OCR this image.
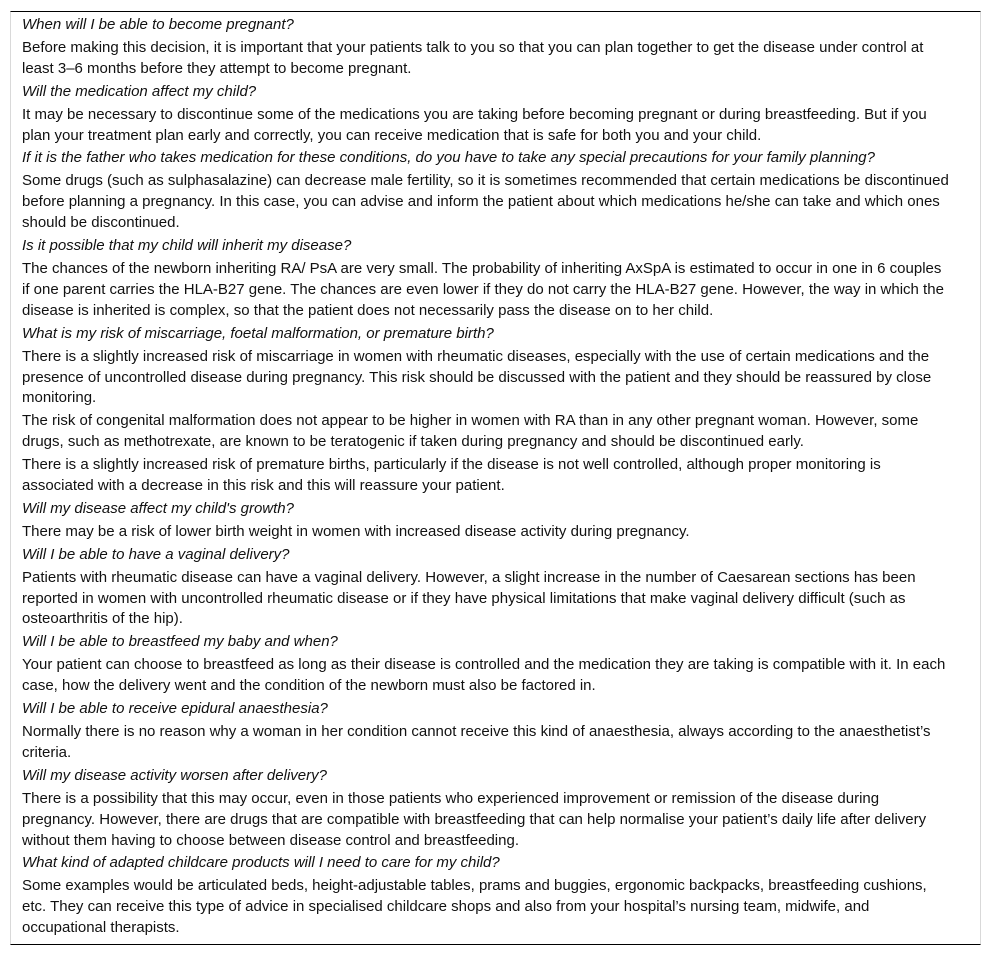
When will I be able to become pregnant?
Before making this decision, it is important that your patients talk to you so that you can plan together to get the disease under control at least 3–6 months before they attempt to become pregnant.
Will the medication affect my child?
It may be necessary to discontinue some of the medications you are taking before becoming pregnant or during breastfeeding. But if you plan your treatment plan early and correctly, you can receive medication that is safe for both you and your child.
If it is the father who takes medication for these conditions, do you have to take any special precautions for your family planning?
Some drugs (such as sulphasalazine) can decrease male fertility, so it is sometimes recommended that certain medications be discontinued before planning a pregnancy. In this case, you can advise and inform the patient about which medications he/she can take and which ones should be discontinued.
Is it possible that my child will inherit my disease?
The chances of the newborn inheriting RA/ PsA are very small. The probability of inheriting AxSpA is estimated to occur in one in 6 couples if one parent carries the HLA-B27 gene. The chances are even lower if they do not carry the HLA-B27 gene. However, the way in which the disease is inherited is complex, so that the patient does not necessarily pass the disease on to her child.
What is my risk of miscarriage, foetal malformation, or premature birth?
There is a slightly increased risk of miscarriage in women with rheumatic diseases, especially with the use of certain medications and the presence of uncontrolled disease during pregnancy. This risk should be discussed with the patient and they should be reassured by close monitoring.
The risk of congenital malformation does not appear to be higher in women with RA than in any other pregnant woman. However, some drugs, such as methotrexate, are known to be teratogenic if taken during pregnancy and should be discontinued early.
There is a slightly increased risk of premature births, particularly if the disease is not well controlled, although proper monitoring is associated with a decrease in this risk and this will reassure your patient.
Will my disease affect my child's growth?
There may be a risk of lower birth weight in women with increased disease activity during pregnancy.
Will I be able to have a vaginal delivery?
Patients with rheumatic disease can have a vaginal delivery. However, a slight increase in the number of Caesarean sections has been reported in women with uncontrolled rheumatic disease or if they have physical limitations that make vaginal delivery difficult (such as osteoarthritis of the hip).
Will I be able to breastfeed my baby and when?
Your patient can choose to breastfeed as long as their disease is controlled and the medication they are taking is compatible with it. In each case, how the delivery went and the condition of the newborn must also be factored in.
Will I be able to receive epidural anaesthesia?
Normally there is no reason why a woman in her condition cannot receive this kind of anaesthesia, always according to the anaesthetist’s criteria.
Will my disease activity worsen after delivery?
There is a possibility that this may occur, even in those patients who experienced improvement or remission of the disease during pregnancy. However, there are drugs that are compatible with breastfeeding that can help normalise your patient’s daily life after delivery without them having to choose between disease control and breastfeeding.
What kind of adapted childcare products will I need to care for my child?
Some examples would be articulated beds, height-adjustable tables, prams and buggies, ergonomic backpacks, breastfeeding cushions, etc. They can receive this type of advice in specialised childcare shops and also from your hospital’s nursing team, midwife, and occupational therapists.
